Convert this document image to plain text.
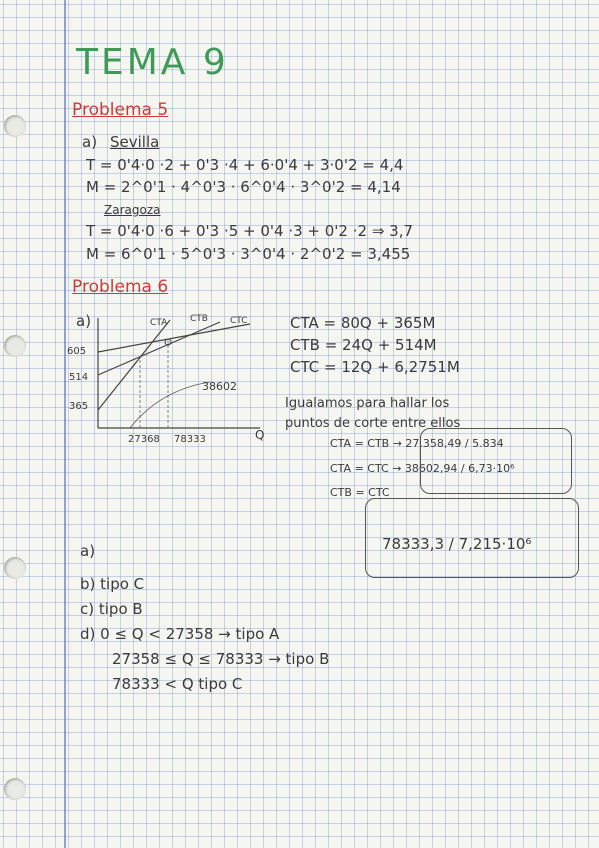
TEMA 9
Problema 5
a) Sevilla
T = 0'4·0 ·2 + 0'3 ·4 + 6·0'4 + 3·0'2 = 4,4
M = 2^0'1 · 4^0'3 · 6^0'4 · 3^0'2 = 4,14
Zaragoza
T = 0'4·0 ·6 + 0'3 ·5 + 0'4 ·3 + 0'2 ·2 ⇒ 3,7
M = 6^0'1 · 5^0'3 · 3^0'4 · 2^0'2 = 3,455
Problema 6
a)	CTA	CTB CTC
605
514
365
38602
27368 78333	Q
CTA = 80Q + 365M
CTB = 24Q + 514M
CTC = 12Q + 6,2751M
Igualamos para hallar los
puntos de corte entre ellos
CTA = CTB → 27.358,49 / 5.834
CTA = CTC → 38602,94 / 6,73·10⁶
CTB = CTC
78333,3 / 7,215·10⁶
a)
b) tipo C
c) tipo B
d) 0 ≤ Q < 27358 → tipo A
27358 ≤ Q ≤ 78333 → tipo B
78333 < Q tipo C
